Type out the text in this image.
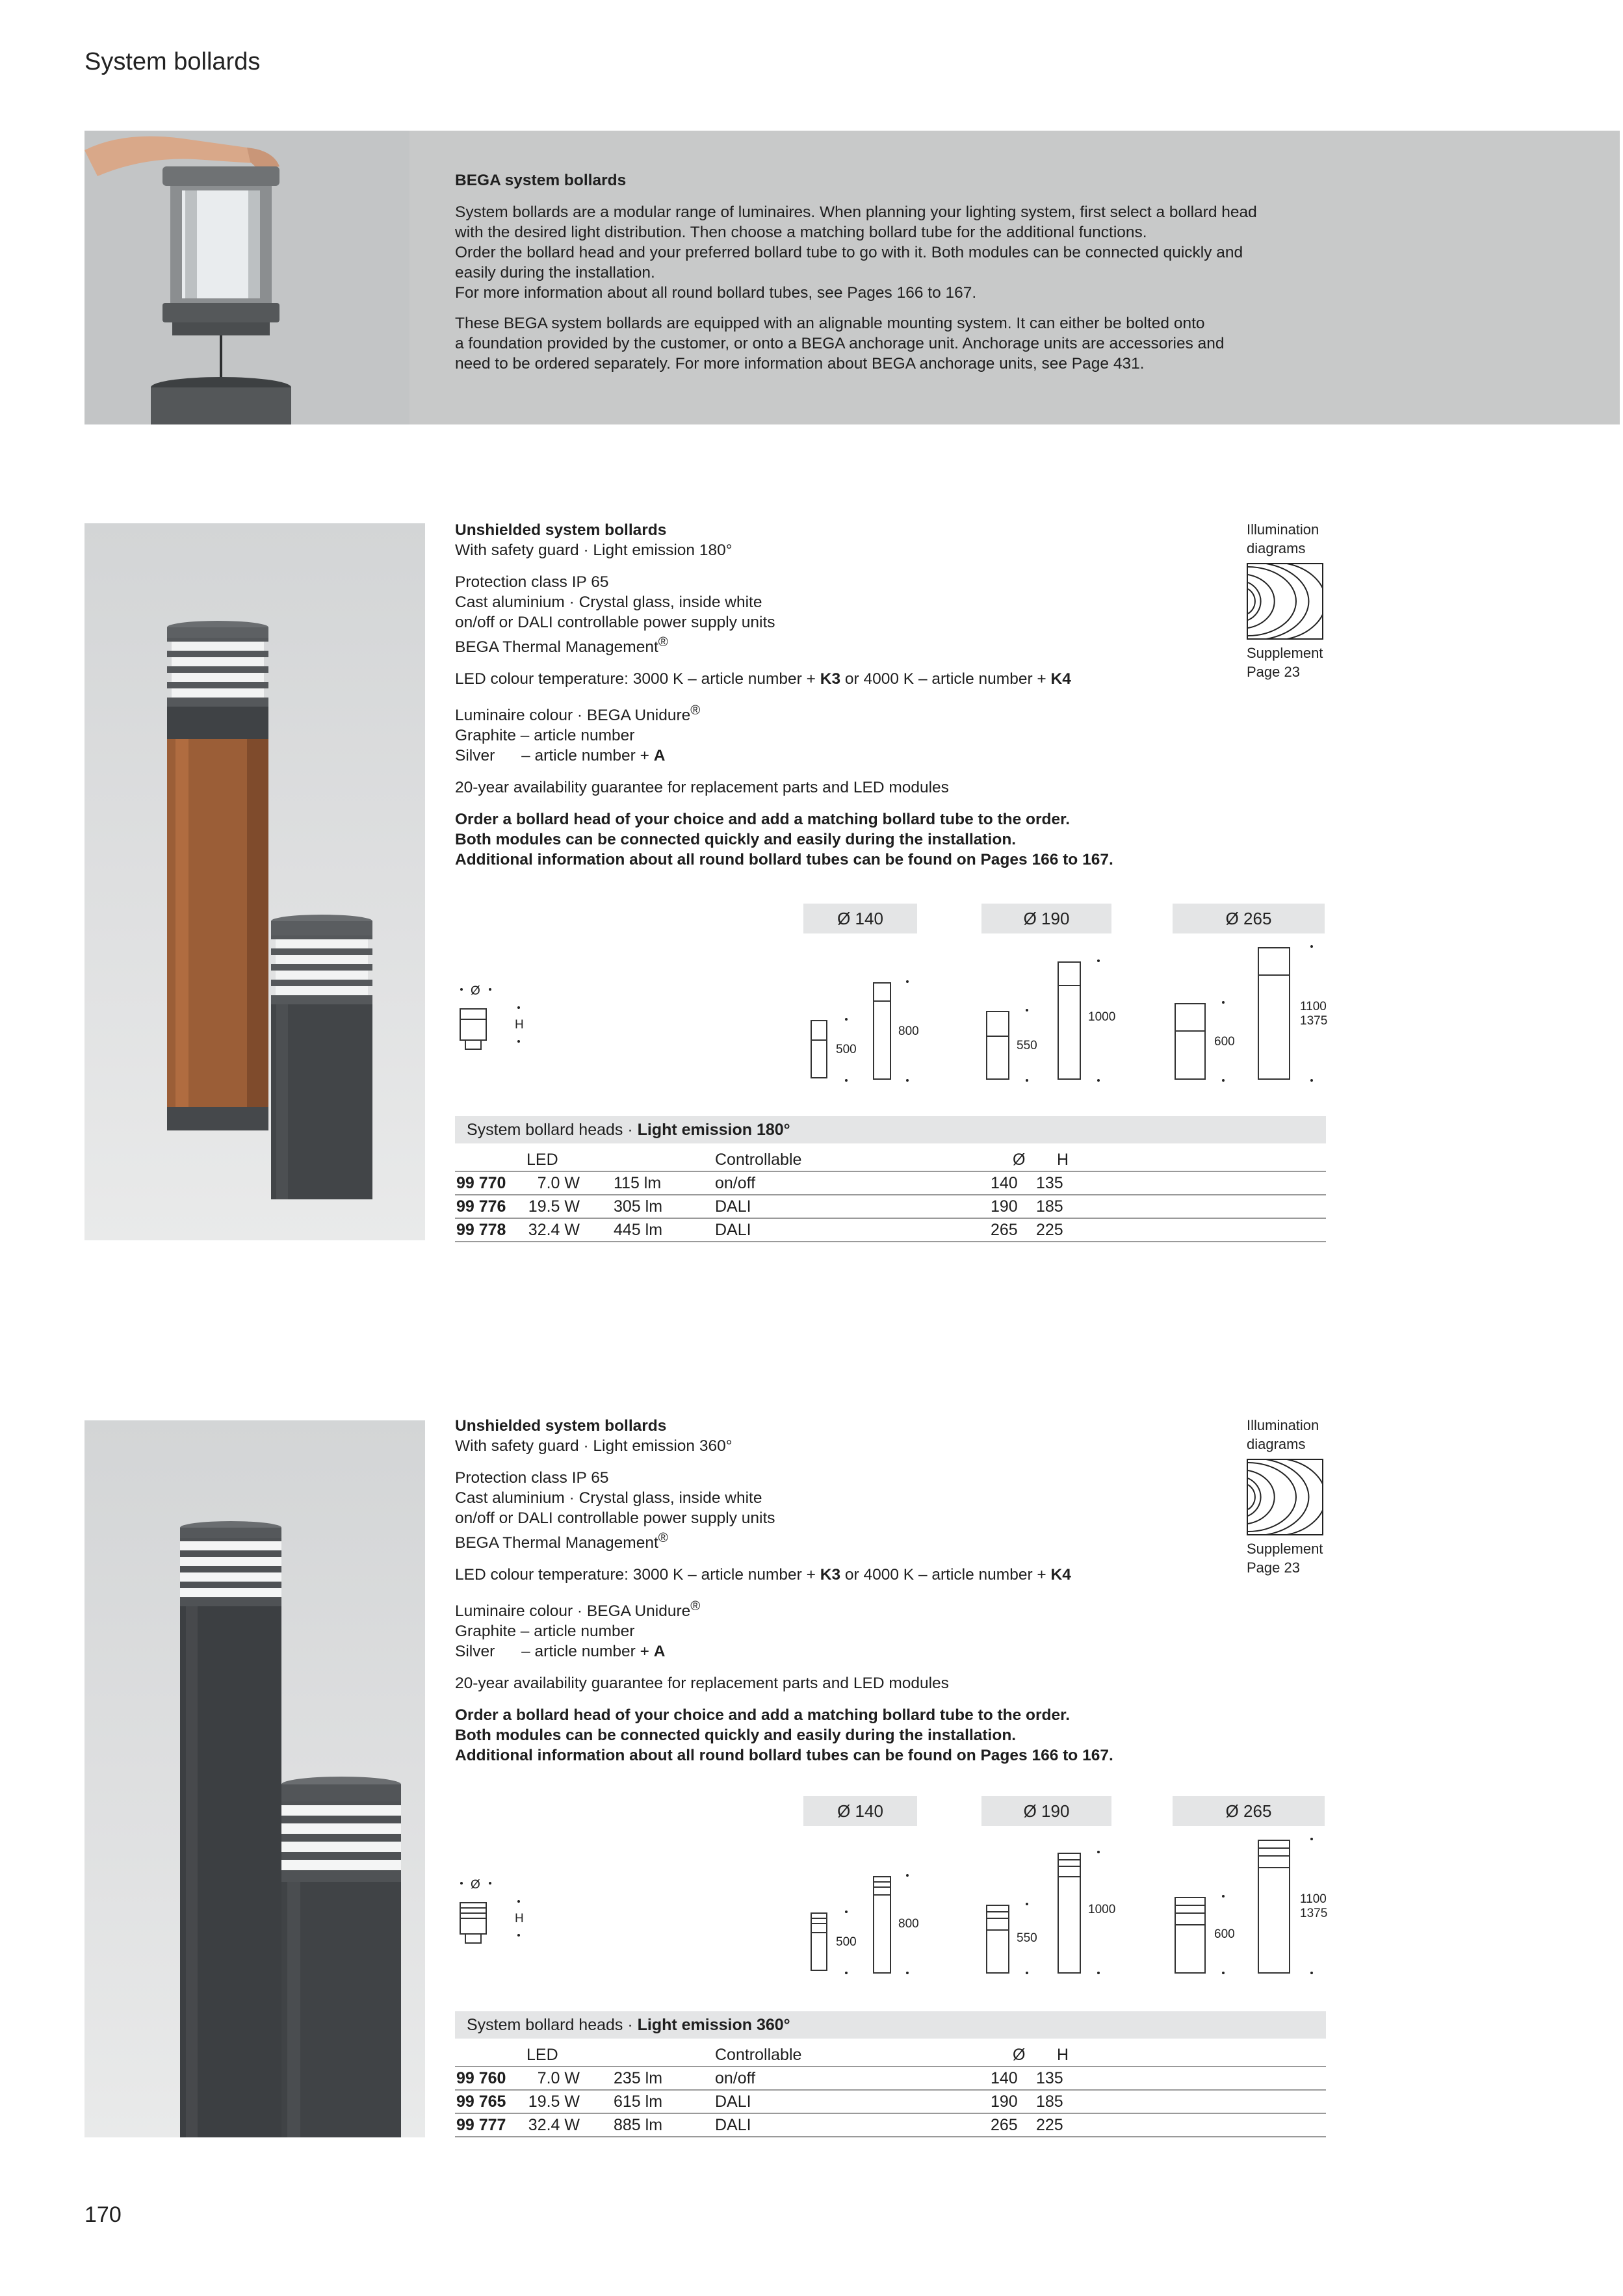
System bollards
BEGA system bollards

System bollards are a modular range of luminaires. When planning your lighting system, first select a bollard head
with the desired light distribution. Then choose a matching bollard tube for the additional functions.
Order the bollard head and your preferred bollard tube to go with it. Both modules can be connected quickly and
easily during the installation.
For more information about all round bollard tubes, see Pages 166 to 167.

These BEGA system bollards are equipped with an alignable mounting system. It can either be bolted onto
a foundation provided by the customer, or onto a BEGA anchorage unit. Anchorage units are accessories and
need to be ordered separately. For more information about BEGA anchorage units, see Page 431.

Unshielded system bollards
With safety guard · Light emission 180°

Protection class IP 65
Cast aluminium · Crystal glass, inside white
on/off or DALI controllable power supply units
BEGA Thermal Management®

LED colour temperature: 3000 K – article number + K3 or 4000 K – article number + K4

Luminaire colour · BEGA Unidure®
Graphite – article number
Silver      – article number + A

20-year availability guarantee for replacement parts and LED modules

Order a bollard head of your choice and add a matching bollard tube to the order.
Both modules can be connected quickly and easily during the installation.
Additional information about all round bollard tubes can be found on Pages 166 to 167.

Illumination
diagrams
Supplement
Page 23
Ø 140	Ø 190	Ø 265
Ø
H
500
800
550
1000
600
1100
1375
System bollard heads · Light emission 180°
LED	Controllable	Ø H
99 770	7.0 W 115 lm	on/off	140 135
99 776 19.5 W 305 lm	DALI	190 185
99 778 32.4 W 445 lm	DALI	265 225

Unshielded system bollards
With safety guard · Light emission 360°

Protection class IP 65
Cast aluminium · Crystal glass, inside white
on/off or DALI controllable power supply units
BEGA Thermal Management®

LED colour temperature: 3000 K – article number + K3 or 4000 K – article number + K4

Luminaire colour · BEGA Unidure®
Graphite – article number
Silver      – article number + A

20-year availability guarantee for replacement parts and LED modules

Order a bollard head of your choice and add a matching bollard tube to the order.
Both modules can be connected quickly and easily during the installation.
Additional information about all round bollard tubes can be found on Pages 166 to 167.

Illumination
diagrams
Supplement
Page 23
Ø 140	Ø 190	Ø 265
Ø
H
500
800
550
1000
600
1100
1375
System bollard heads · Light emission 360°
LED	Controllable	Ø H
99 760	7.0 W 235 lm	on/off	140 135
99 765 19.5 W 615 lm	DALI	190 185
99 777 32.4 W 885 lm	DALI	265 225
170
